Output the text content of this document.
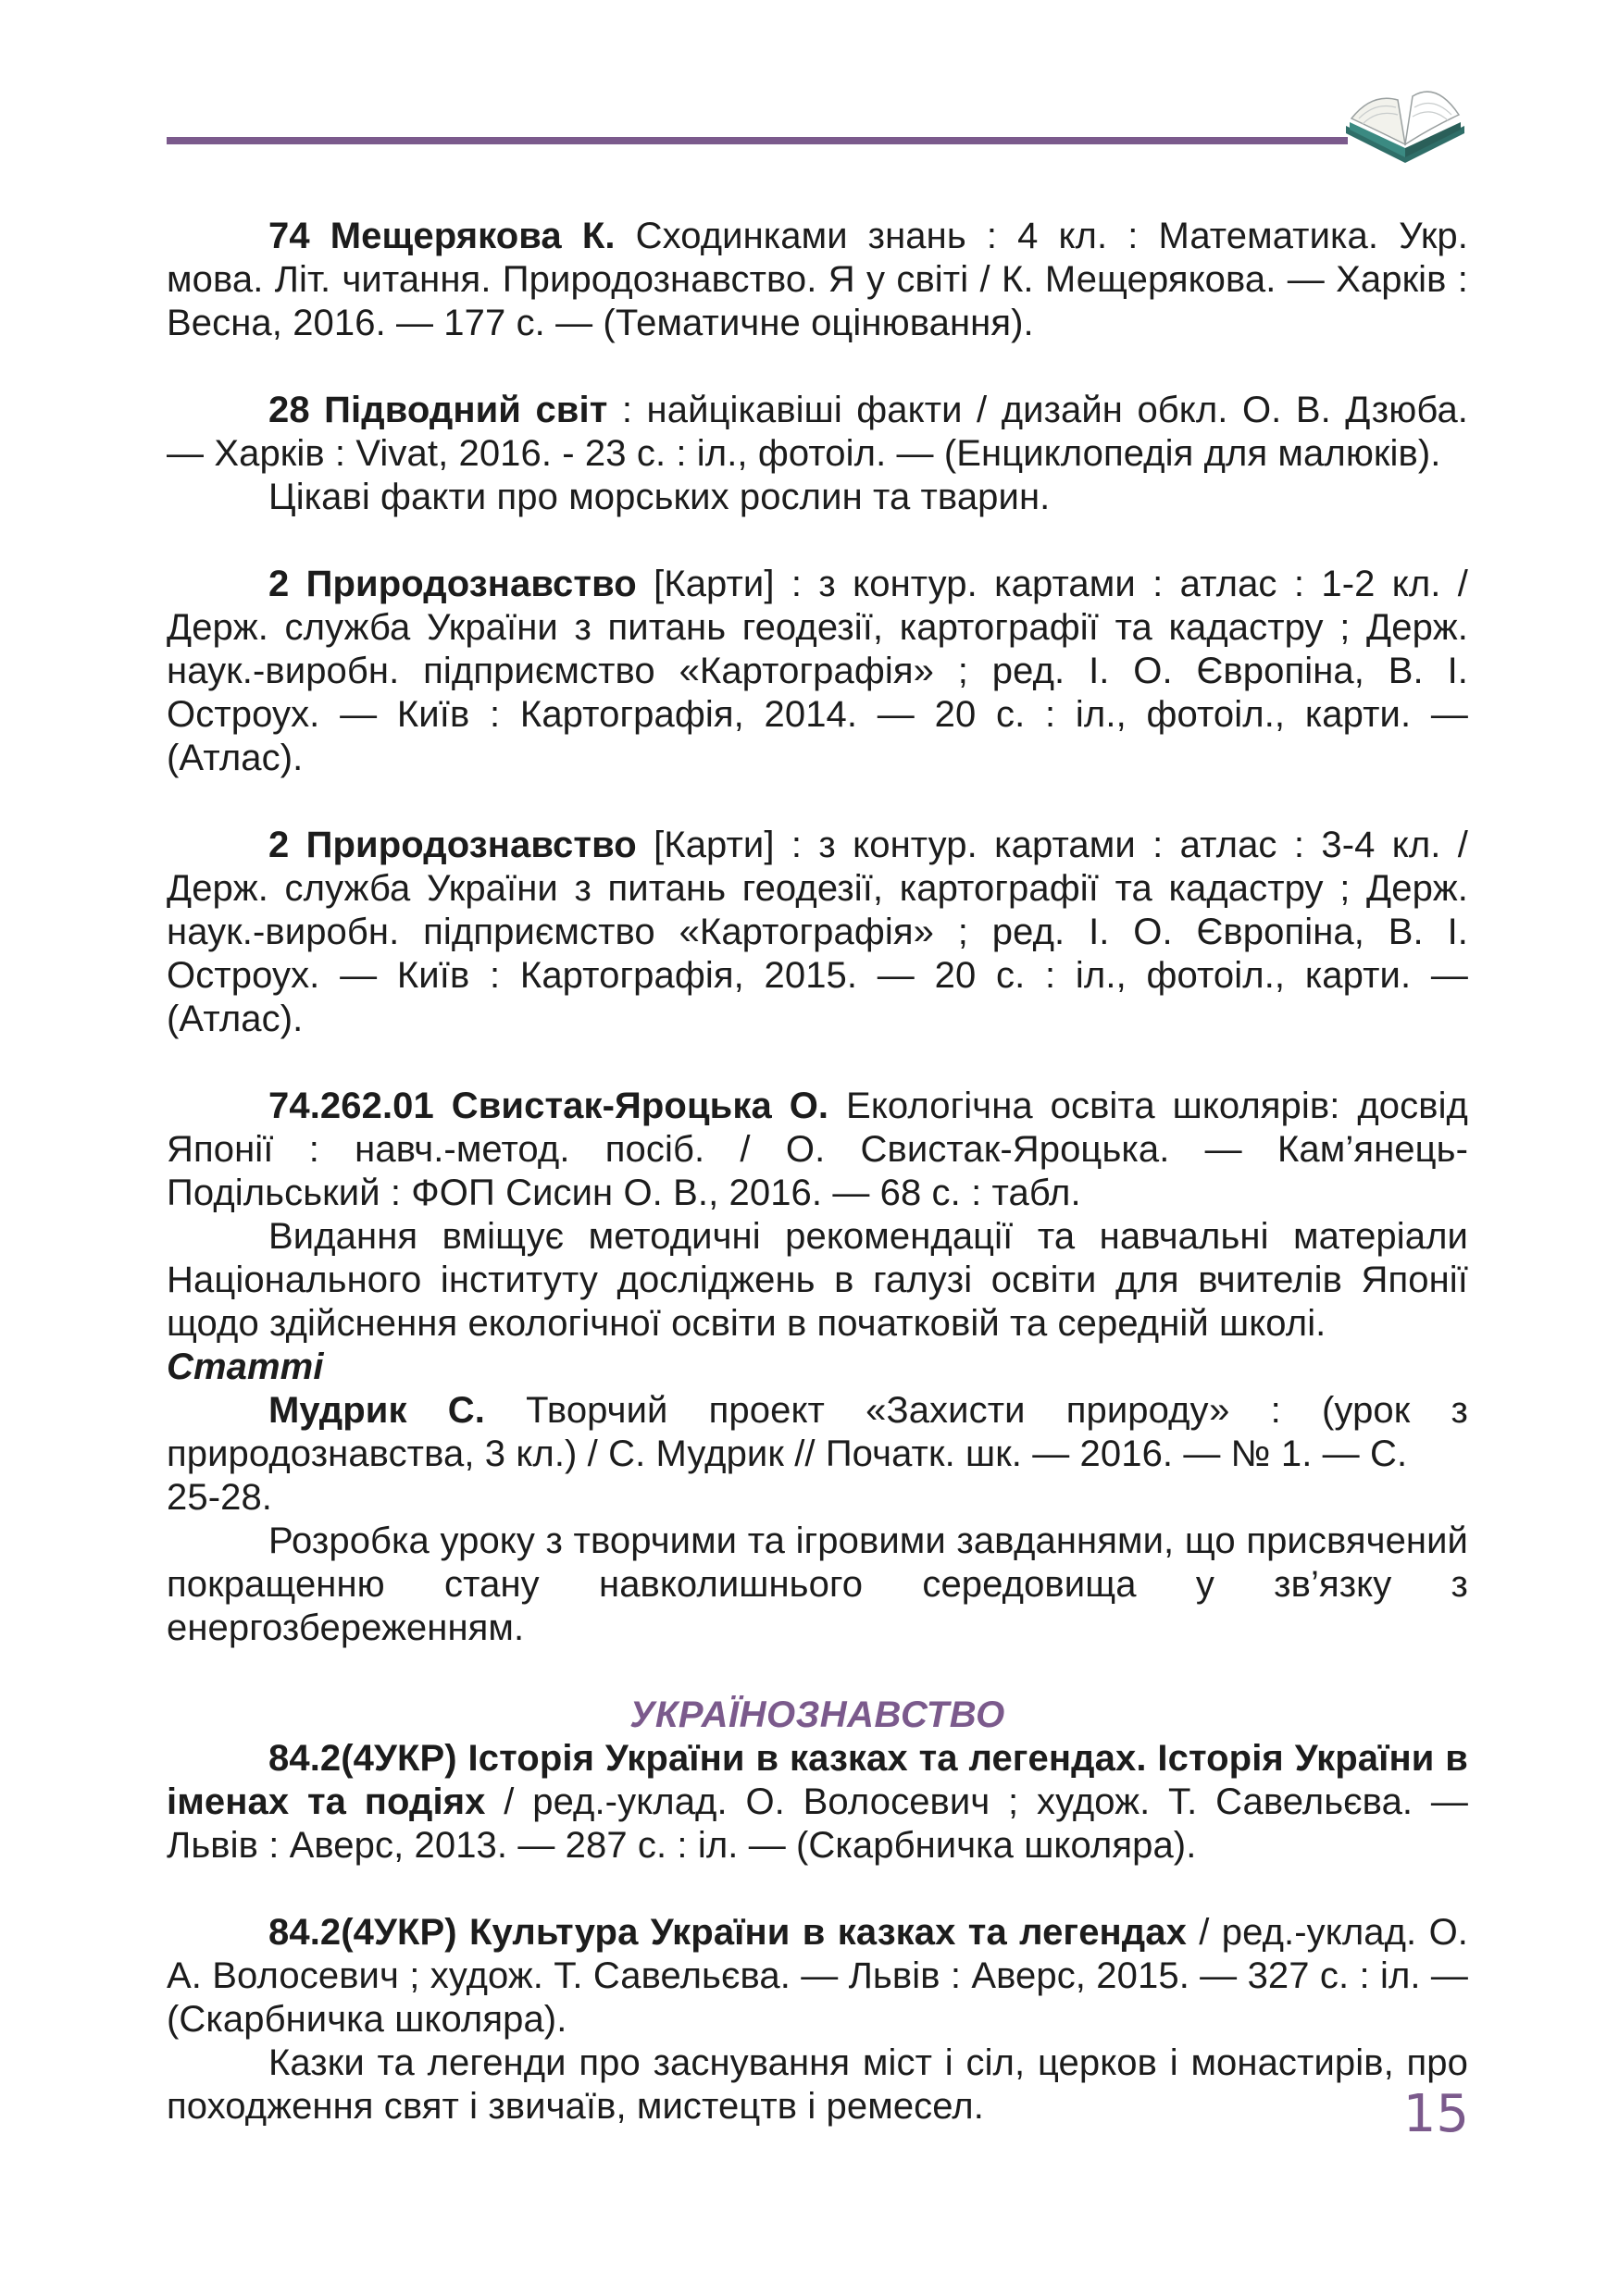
74 Мещерякова К. Сходинками знань : 4 кл. : Математика. Укр. мова. Літ. читання. Природознавство. Я у світі / К. Мещерякова. — Харків : Весна, 2016. — 177 с. — (Тематичне оцінювання).

28 Підводний світ : найцікавіші факти / дизайн обкл. О. В. Дзюба. — Харків : Vivat, 2016. - 23 с. : іл., фотоіл. — (Енциклопедія для малюків).

Цікаві факти про морських рослин та тварин.

2 Природознавство [Карти] : з контур. картами : атлас : 1-2 кл. / Держ. служба України з питань геодезії, картографії та кадастру ; Держ. наук.-виробн. підприємство «Картографія» ; ред. І. О. Європіна, В. І. Остроух. — Київ : Картографія, 2014. — 20 с. : іл., фотоіл., карти. — (Атлас).

2 Природознавство [Карти] : з контур. картами : атлас : 3-4 кл. / Держ. служба України з питань геодезії, картографії та кадастру ; Держ. наук.-виробн. підприємство «Картографія» ; ред. І. О. Європіна, В. І. Остроух. — Київ : Картографія, 2015. — 20 с. : іл., фотоіл., карти. — (Атлас).

74.262.01 Свистак-Яроцька О. Екологічна освіта школярів: досвід Японії : навч.-метод. посіб. / О. Свистак-Яроцька. — Кам’янець-Подільський : ФОП Сисин О. В., 2016. — 68 с. : табл.

Видання вміщує методичні рекомендації та навчальні матеріали Національного інституту досліджень в галузі освіти для вчителів Японії щодо здійснення екологічної освіти в початковій та середній школі.

Статті

Мудрик С. Творчий проект «Захисти природу» : (урок з природознавства, 3 кл.) / С. Мудрик // Початк. шк. — 2016. — № 1. — С.

25-28.

Розробка уроку з творчими та ігровими завданнями, що присвячений покращенню стану навколишнього середовища у зв’язку з енергозбереженням.

УКРАЇНОЗНАВСТВО

84.2(4УКР) Історія України в казках та легендах. Історія України в іменах та подіях / ред.-уклад. О. Волосевич ; худож. Т. Савельєва. — Львів : Аверс, 2013. — 287 с. : іл. — (Скарбничка школяра).

84.2(4УКР) Культура України в казках та легендах / ред.-уклад. О. А. Волосевич ; худож. Т. Савельєва. — Львів : Аверс, 2015. — 327 с. : іл. — (Скарбничка школяра).

Казки та легенди про заснування міст і сіл, церков і монастирів, про походження свят і звичаїв, мистецтв і ремесел.	15
